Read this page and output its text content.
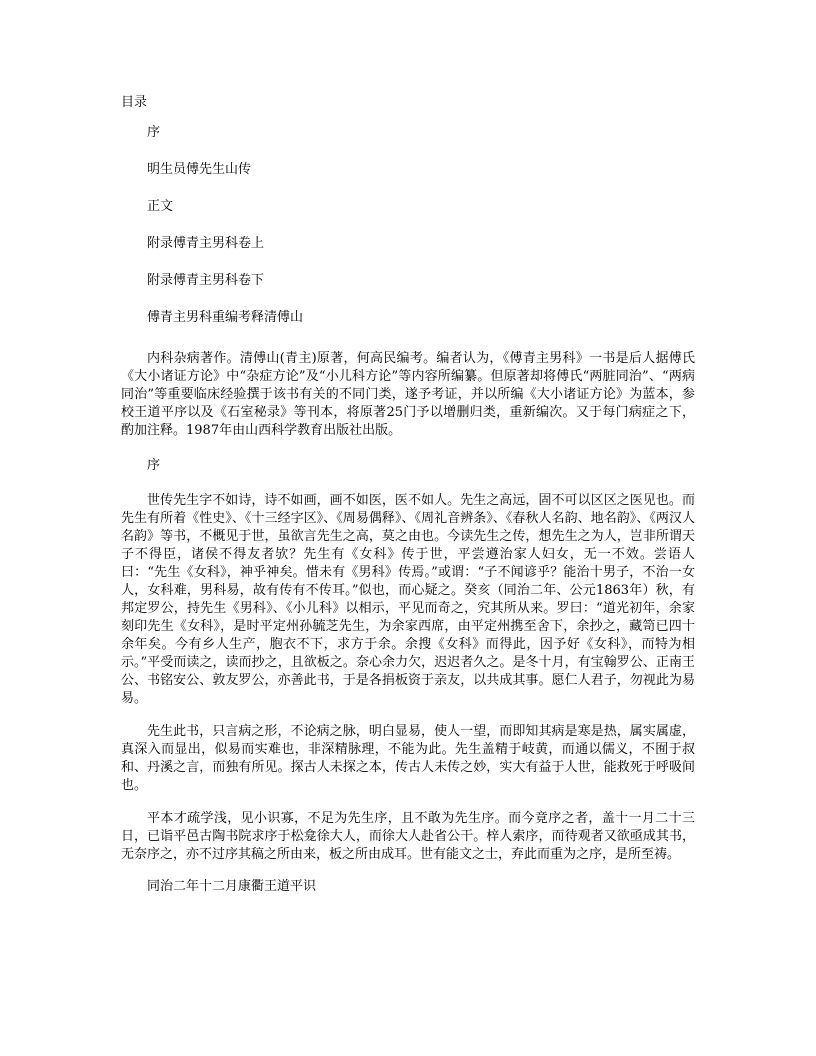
目录

序
明生员傅先生山传
正文
附录傅青主男科卷上
附录傅青主男科卷下
傅青主男科重编考释清傅山

内科杂病著作。清傅山(青主)原著，何高民编考。编者认为，《傅青主男科》一书是后人据傅氏《大小诸证方论》中“杂症方论”及“小儿科方论”等内容所编纂。但原著却将傅氏“两脏同治”、“两病同治”等重要临床经验撰于该书有关的不同门类，遂予考证，并以所编《大小诸证方论》为蓝本，参校王道平序以及《石室秘录》等刊本，将原著25门予以增删归类，重新编次。又于每门病症之下，酌加注释。1987年由山西科学教育出版社出版。

序

世传先生字不如诗，诗不如画，画不如医，医不如人。先生之高远，固不可以区区之医见也。而先生有所着《性史》、《十三经字区》、《周易偶释》、《周礼音辨条》、《春秋人名韵、地名韵》、《两汉人名韵》等书，不概见于世，虽欲言先生之高，莫之由也。今读先生之传，想先生之为人，岂非所谓天子不得臣，诸侯不得友者欤？先生有《女科》传于世，平尝遵治家人妇女，无一不效。尝语人曰：“先生《女科》，神乎神矣。惜未有《男科》传焉。”或谓：“子不闻谚乎？能治十男子，不治一女人，女科难，男科易，故有传有不传耳。”似也，而心疑之。癸亥（同治二年、公元1863年）秋，有邦定罗公，持先生《男科》、《小儿科》以相示，平见而奇之，究其所从来。罗曰：“道光初年，余家刻印先生《女科》，是时平定州孙毓芝先生，为余家西席，由平定州携至舍下，余抄之，藏笥已四十余年矣。今有乡人生产，胞衣不下，求方于余。余搜《女科》而得此，因予好《女科》，而特为相示。”平受而读之，读而抄之，且欲板之。奈心余力欠，迟迟者久之。是冬十月，有宝翰罗公、正南王公、书铭安公、敦友罗公，亦善此书，于是各捐板资于亲友，以共成其事。愿仁人君子，勿视此为易易。

先生此书，只言病之形，不论病之脉，明白显易，使人一望，而即知其病是寒是热，属实属虚，真深入而显出，似易而实难也，非深精脉理，不能为此。先生盖精于岐黄，而通以儒义，不囿于叔和、丹溪之言，而独有所见。探古人未探之本，传古人未传之妙，实大有益于人世，能救死于呼吸间也。

平本才疏学浅，见小识寡，不足为先生序，且不敢为先生序。而今竟序之者，盖十一月二十三日，已诣平邑古陶书院求序于松龛徐大人，而徐大人赴省公干。梓人索序，而待观者又欲亟成其书，无奈序之，亦不过序其稿之所由来，板之所由成耳。世有能文之士，弃此而重为之序，是所至祷。

同治二年十二月康衢王道平识
